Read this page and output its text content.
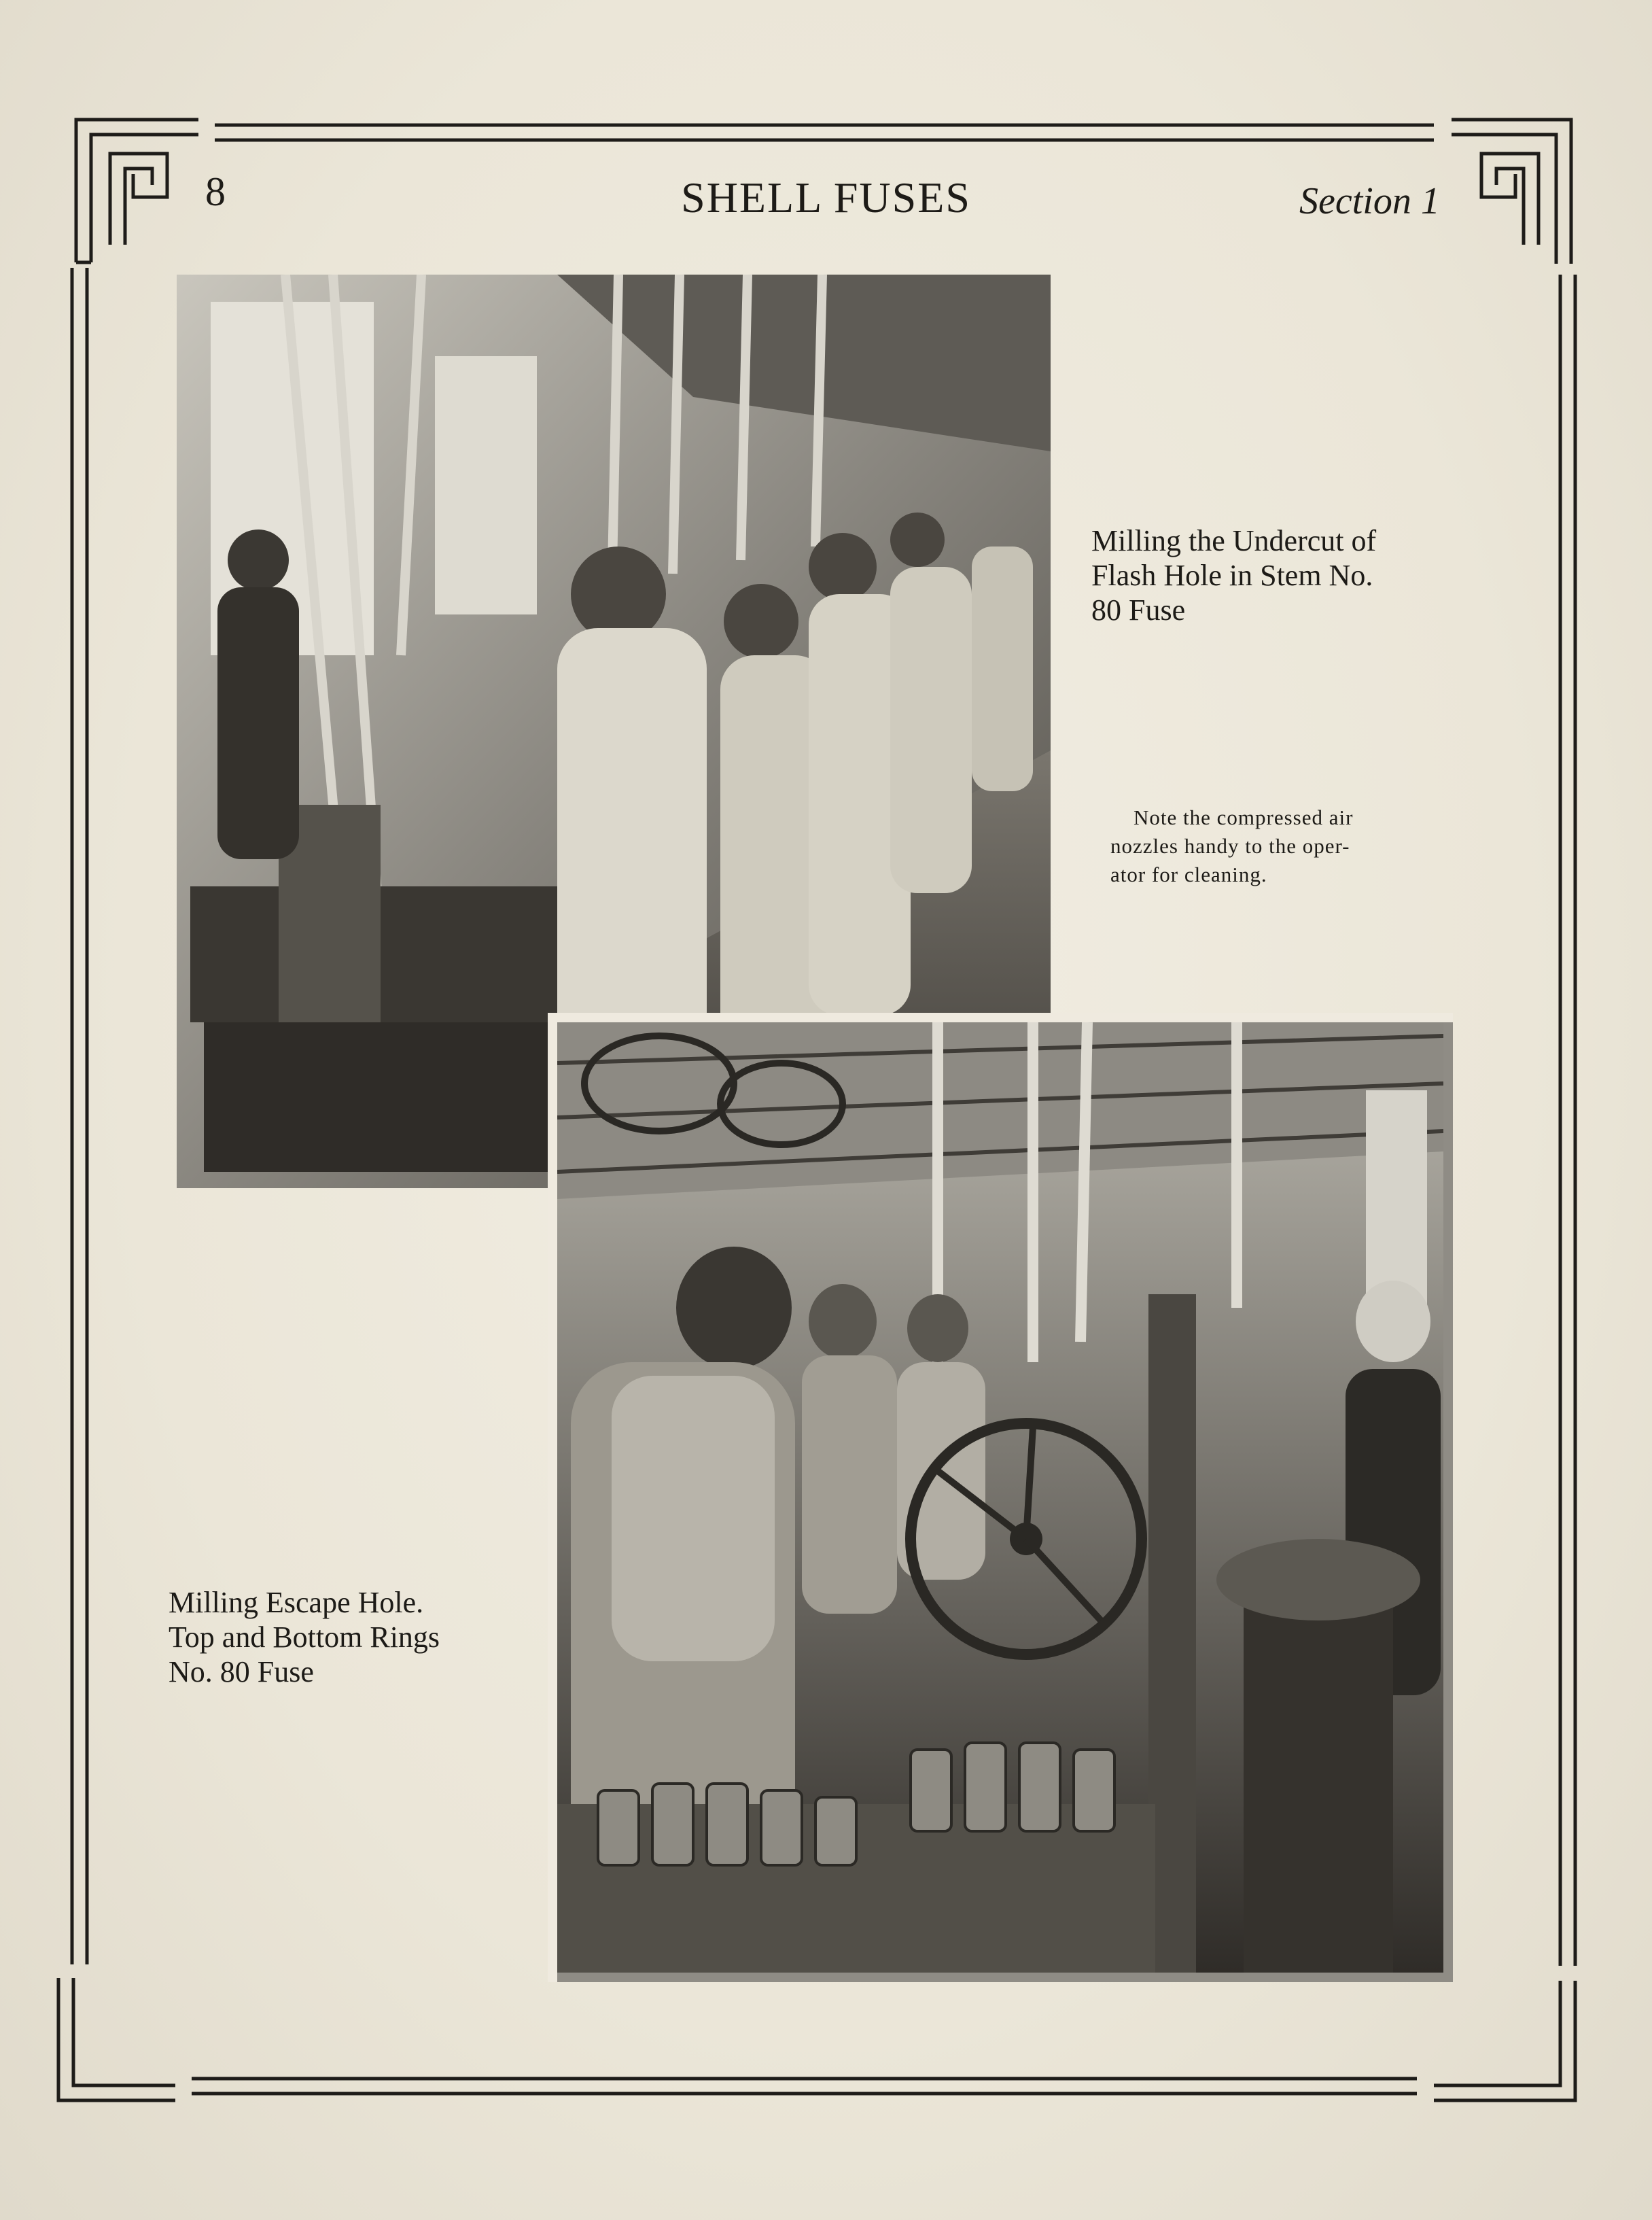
8	SHELL FUSES	Section 1
Milling the Undercut of
Flash Hole in Stem No.
80 Fuse
Note the compressed air
nozzles handy to the oper-
ator for cleaning.
Milling Escape Hole.
Top and Bottom Rings
No. 80 Fuse
